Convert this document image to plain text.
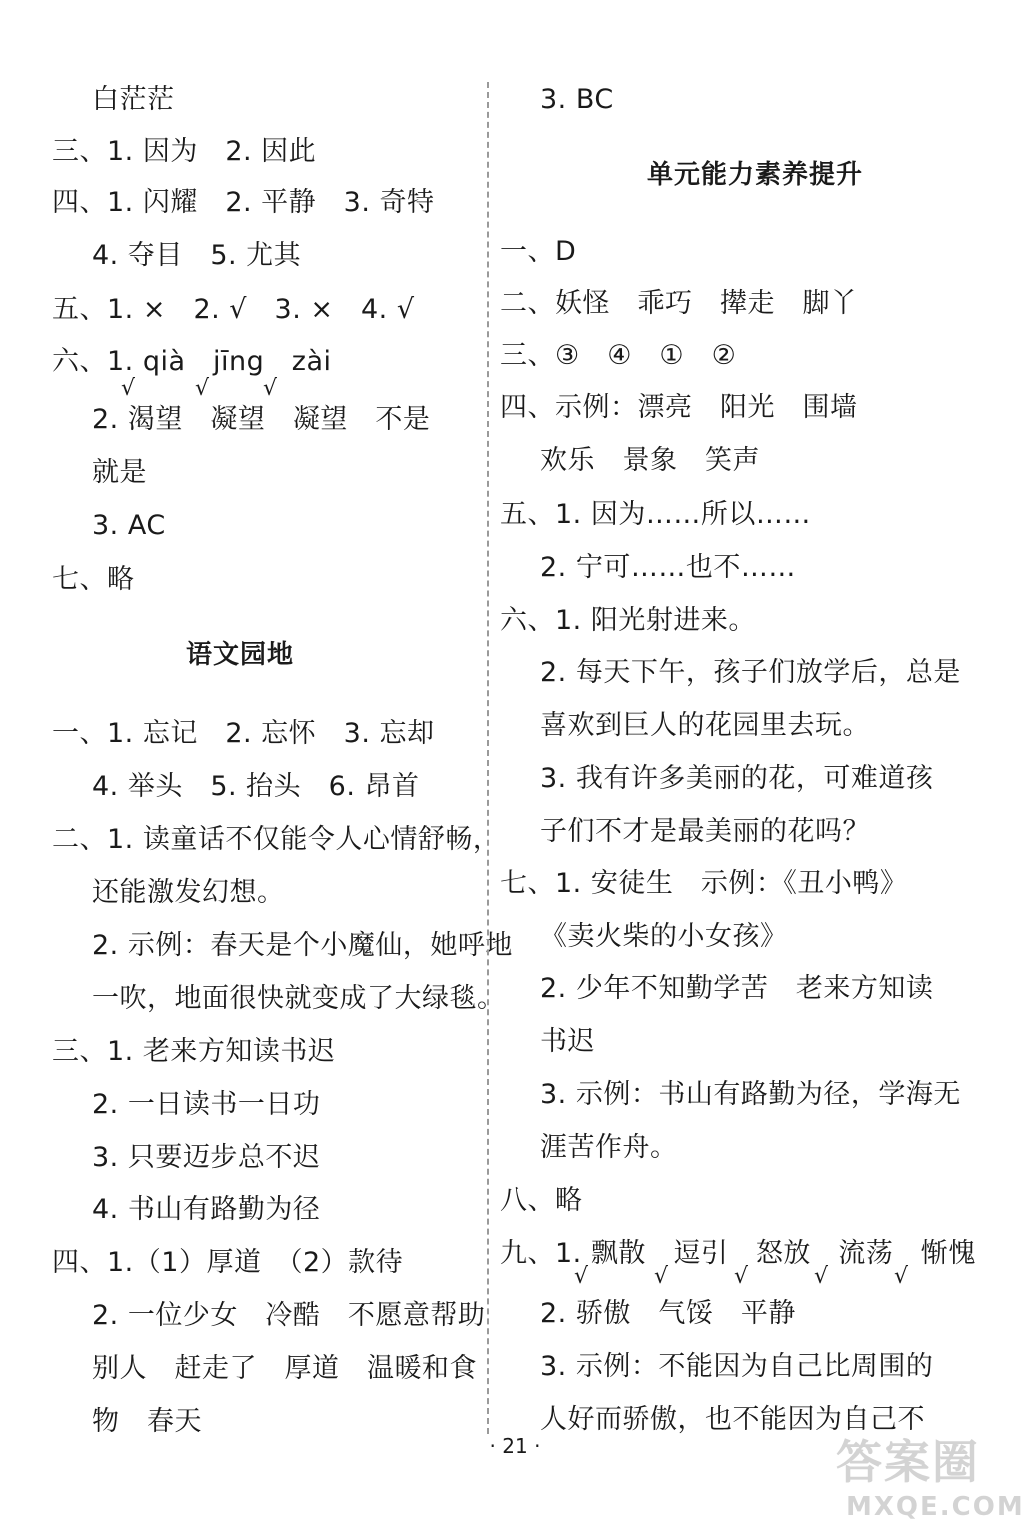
白茫茫
三、1. 因为　2. 因此
四、1. 闪耀　2. 平静　3. 奇特
4. 夺目　5. 尤其
五、1. ×　2. √　3. ×　4. √
六、1. qià　jīng　zài
√	√ √
2. 渴望　凝望　凝望　不是
就是
3. AC
七、略
语文园地
一、1. 忘记　2. 忘怀　3. 忘却
4. 举头　5. 抬头　6. 昂首
二、1. 读童话不仅能令人心情舒畅，
还能激发幻想。
2. 示例：春天是个小魔仙，她呼地
一吹，地面很快就变成了大绿毯。
三、1. 老来方知读书迟
2. 一日读书一日功
3. 只要迈步总不迟
4. 书山有路勤为径
四、1.（1）厚道　（2）款待
2. 一位少女　冷酷　不愿意帮助
别人　赶走了　厚道　温暖和食
物　春天
3. BC
单元能力素养提升
一、D
二、妖怪　乖巧　撵走　脚丫
三、③　④　①　②
四、示例：漂亮　阳光　围墙
欢乐　景象　笑声
五、1. 因为……所以……
2. 宁可……也不……
六、1. 阳光射进来。
2. 每天下午，孩子们放学后，总是
喜欢到巨人的花园里去玩。
3. 我有许多美丽的花，可难道孩
子们不才是最美丽的花吗？
七、1. 安徒生　示例：《丑小鸭》
《卖火柴的小女孩》
2. 少年不知勤学苦　老来方知读
书迟
3. 示例：书山有路勤为径，学海无
涯苦作舟。
八、略
九、1. 飘散　逗引　怒放　流荡　惭愧
√	√	√	√	√
2. 骄傲　气馁　平静
3. 示例：不能因为自己比周围的
人好而骄傲，也不能因为自己不
· 21 ·	答案圈
MXQE.COM
